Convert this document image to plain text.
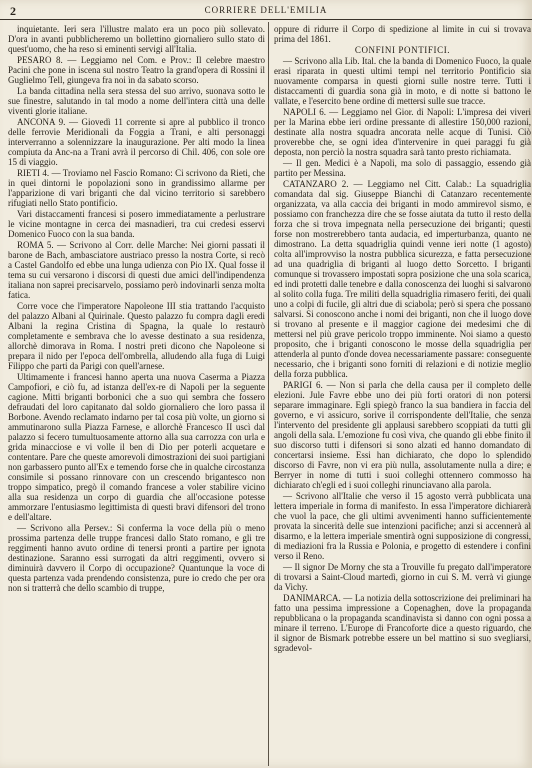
2	CORRIERE DELL'EMILIA

inquietante. Ieri sera l'illustre malato era un poco più sollevato. D'ora in avanti pubblicheremo un bollettino giornaliero sullo stato di quest'uomo, che ha reso si eminenti servigi all'Italia.

PESARO 8. — Leggiamo nel Com. e Prov.: Il celebre maestro Pacini che pone in iscena sul nostro Teatro la grand'opera di Rossini il Guglielmo Tell, giungeva fra noi ìn da sabato scorso.

La banda cittadina nella sera stessa del suo arrivo, suonava sotto le sue finestre, salutando in tal modo a nome dell'intera città una delle viventi glorie italiane.

ANCONA 9. — Giovedì 11 corrente si apre al pubblico il tronco delle ferrovie Meridionali da Foggia a Trani, e alti personaggi interverranno a solennizzare la inaugurazione. Per alti modo la linea compiuta da Anc-na a Trani avrà il percorso di Chil. 406, con sole ore 15 di viaggio.

RIETI 4. — Troviamo nel Fascio Romano: Ci scrivono da Rieti, che in quei dintorni le popolazioni sono in grandissimo allarme per l'apparizione di vari briganti che dal vicino territorio si sarebbero rifugiati nello Stato pontificio.

Vari distaccamenti francesi si posero immediatamente a perlustrare le vicine montagne in cerca dei masnadieri, tra cui credesi esservi Domenico Fuoco con la sua banda.

ROMA 5. — Scrivono al Corr. delle Marche: Nei giorni passati il barone de Bach, ambasciatore austriaco presso la nostra Corte, si recò a Castel Gandolfo ed ebbe una lunga udienza con Pio IX. Qual fosse il tema su cui versarono i discorsi di questi due amici dell'indipendenza italiana non saprei precisarvelo, possiamo però indovinarli senza molta fatica.

Corre voce che l'imperatore Napoleone III stia trattando l'acquisto del palazzo Albani al Quirinale. Questo palazzo fu compra dagli eredi Albani la regina Cristina di Spagna, la quale lo restaurò completamente e sembrava che lo avesse destinato a sua residenza, allorchè dimorava in Roma. I nostri preti dicono che Napoleone si prepara il nido per l'epoca dell'ombrella, alludendo alla fuga di Luigi Filippo che parti da Parigi con quell'arnese.

Ultimamente i francesi hanno aperta una nuova Caserma a Piazza Campofiori, e ciò fu, ad istanza dell'ex-re di Napoli per la seguente cagione. Mitti briganti borbonici che a suo qui sembra che fossero defraudati del loro capitanato dal soldo giornaliero che loro passa il Borbone. Avendo reclamato indarno per tal cosa più volte, un giorno si ammutinarono sulla Piazza Farnese, e allorchè Francesco II uscì dal palazzo si fecero tumultuosamente attorno alla sua carrozza con urla e grida minacciose e vi volle il ben di Dio per poterli acquetare e contentare. Pare che queste amorevoli dimostrazioni dei suoi partigiani non garbassero punto all'Ex e temendo forse che in qualche circostanza consimile si possano rinnovare con un crescendo brigantesco non troppo simpatico, pregò il comando francese a voler stabilire vicino alla sua residenza un corpo di guardia che all'occasione potesse ammorzare l'entusiasmo legittimista di questi bravi difensori del trono e dell'altare.

— Scrivono alla Persev.: Si conferma la voce della più o meno prossima partenza delle truppe francesi dallo Stato romano, e gli tre reggimenti hanno avuto ordine di tenersi pronti a partire per ignota destinazione. Saranno essi surrogati da altri reggimenti, ovvero si diminuirà davvero il Corpo di occupazione? Quantunque la voce di questa partenza vada prendendo consistenza, pure io credo che per ora non si tratterrà che dello scambio di truppe,

oppure di ridurre il Corpo di spedizione al limite in cui si trovava prima del 1861.

CONFINI PONTIFICI.

— Scrivono alla Lib. Ital. che la banda di Domenico Fuoco, la quale erasi riparata in questi ultimi tempi nel territorio Pontificio sia nuovamente comparsa in questi giorni sulle nostre terre. Tutti i distaccamenti di guardia sona già in moto, e di notte si battono le vallate, e l'esercito bene ordine di mettersi sulle sue tracce.

NAPOLI 6. — Leggiamo nel Gior. di Napoli: L'impresa dei viveri per la Marina ebbe ieri ordine pressante di allestire 150,000 razioni, destinate alla nostra squadra ancorata nelle acque di Tunisi. Ciò proverebbe che, se ogni idea d'intervenire in quei paraggi fu già deposta, non perciò la nostra squadra sarà tanto presto richiamata.

— Il gen. Medici è a Napoli, ma solo di passaggio, essendo già partito per Messina.

CATANZARO 2. — Leggiamo nel Citt. Calab.: La squadriglia comandata dal sig. Giuseppe Bianchi di Catanzaro recentemente organizzata, va alla caccia dei briganti in modo ammirevol sismo, e possiamo con franchezza dire che se fosse aiutata da tutto il resto della forza che si trova impegnata nella persecuzione dei briganti; questi forse non mostrerebbero tanta audacia, ed imperturbanza, quanto ne dimostrano. La detta squadriglia quindi venne ieri notte (1 agosto) colta all'improvviso la nostra pubblica sicurezza, e fatta persecuzione ad una quadriglia di briganti al luogo detto Sorcetto. I briganti comunque si trovassero impostati sopra posizione che una sola scarica, ed indi protetti dalle tenebre e dalla conoscenza dei luoghi si salvarono al solito colla fuga. Tre militi della squadriglia rimasero feriti, dei quali uno a colpi di fucile, gli altri due di sciabola; però si spera che possano salvarsi. Si conoscono anche i nomi dei briganti, non che il luogo dove si trovano al presente e il maggior cagione dei medesimi che di mettersi nel più grave pericolo troppo imminente. Noi siamo a questo proposito, che i briganti conoscono le mosse della squadriglia per attenderla al punto d'onde dovea necessariamente passare: conseguente necessario, che i briganti sono forniti di relazioni e di notizie meglio della forza pubblica.

PARIGI 6. — Non si parla che della causa per il completo delle elezioni. Jule Favre ebbe uno dei più forti oratori di non potersi separare immaginare. Egli spiegò franco la sua bandiera in faccia del governo, e vi assicuro, sorive il corrispondente dell'Italie, che senza l'intervento del presidente gli applausi sarebbero scoppiati da tutti gli angoli della sala. L'emozione fu così viva, che quando gli ebbe finito il suo discorso tutti i difensori si sono alzati ed hanno domandato di concertarsi insieme. Essi han dichiarato, che dopo lo splendido discorso di Favre, non vi era più nulla, assolutamente nulla a dire; e Berryer in nome di tutti i suoi colleghi ottennero commosso ha dichiarato ch'egli ed i suoi colleghi rinunciavano alla parola.

— Scrivono all'Italie che verso il 15 agosto verrà pubblicata una lettera imperiale in forma di manifesto. In essa l'imperatore dichiarerà che vuol la pace, che gli ultimi avvenimenti hanno sufficientemente provata la sincerità delle sue intenzioni pacifiche; anzi si accennerà al disarmo, e la lettera imperiale smentirà ogni supposizione di congressi, di mediazioni fra la Russia e Polonia, e progetto di estendere i confini verso il Reno.

— Il signor De Morny che sta a Trouville fu pregato dall'imperatore di trovarsi a Saint-Cloud martedì, giorno in cui S. M. verrà vi giunge da Vichy.

DANIMARCA. — La notizia della sottoscrizione dei preliminari ha fatto una pessima impressione a Copenaghen, dove la propaganda repubblicana o la propaganda scandinavista si danno con ogni possa a minare il terreno. L'Europe di Francoforte dice a questo riguardo, che il signor de Bismark potrebbe essere un bel mattino si suo svegliarsi, sgradevol-
